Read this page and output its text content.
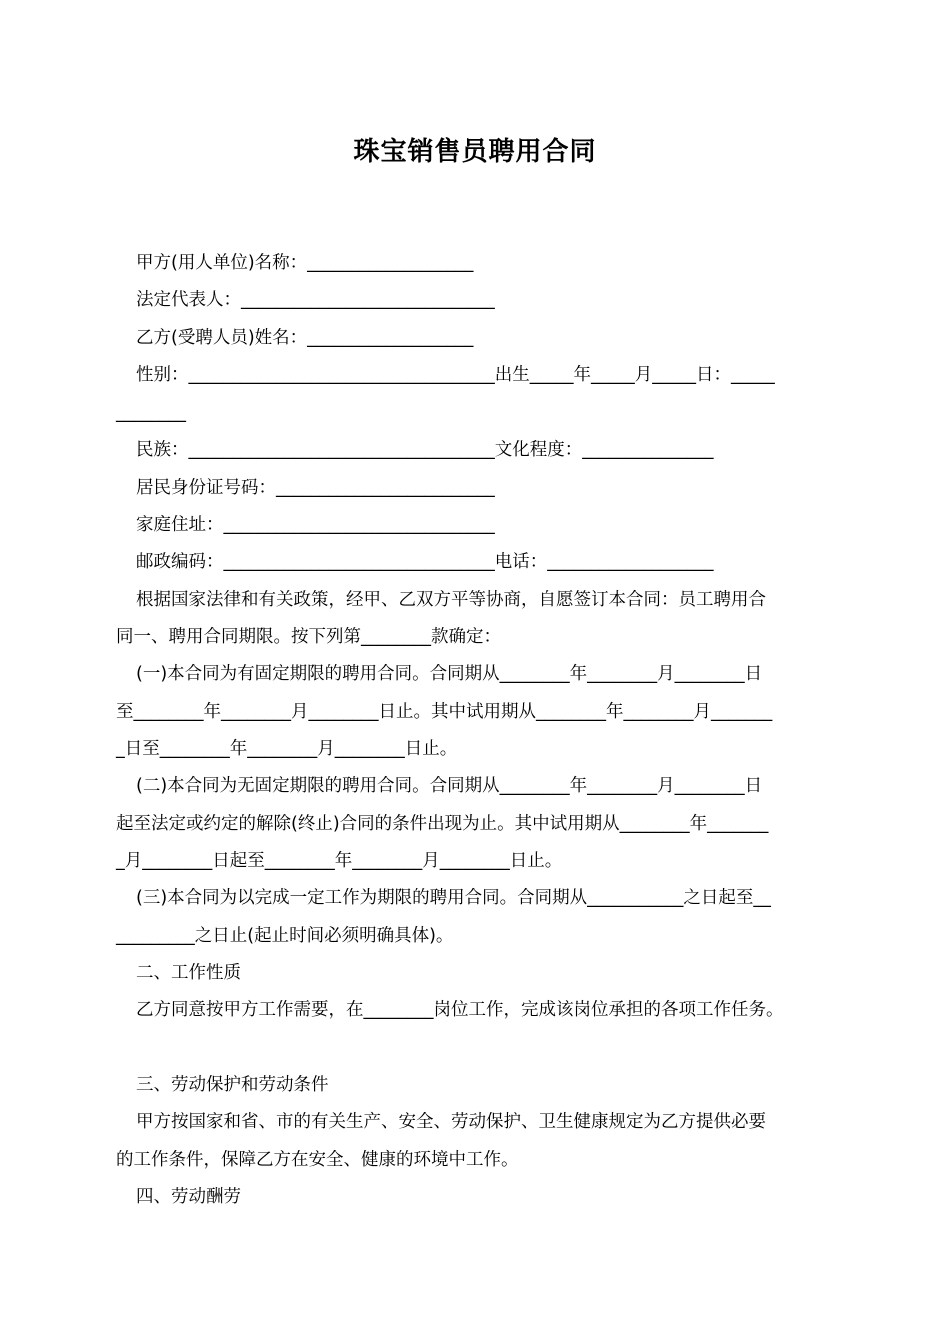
珠宝销售员聘用合同
甲方(用人单位)名称：___________________
法定代表人：_____________________________
乙方(受聘人员)姓名：___________________
性别：___________________________________出生_____年_____月_____日：_____
________
民族：___________________________________文化程度：_______________
居民身份证号码：_________________________
家庭住址：_______________________________
邮政编码：_______________________________电话：___________________
根据国家法律和有关政策，经甲、乙双方平等协商，自愿签订本合同：员工聘用合
同一、聘用合同期限。按下列第________款确定：
(一)本合同为有固定期限的聘用合同。合同期从________年________月________日
至________年________月________日止。其中试用期从________年________月_______
_日至________年________月________日止。
(二)本合同为无固定期限的聘用合同。合同期从________年________月________日
起至法定或约定的解除(终止)合同的条件出现为止。其中试用期从________年_______
_月________日起至________年________月________日止。
(三)本合同为以完成一定工作为期限的聘用合同。合同期从___________之日起至__
_________之日止(起止时间必须明确具体)。
二、工作性质
乙方同意按甲方工作需要，在________岗位工作，完成该岗位承担的各项工作任务。
三、劳动保护和劳动条件
甲方按国家和省、市的有关生产、安全、劳动保护、卫生健康规定为乙方提供必要
的工作条件，保障乙方在安全、健康的环境中工作。
四、劳动酬劳
